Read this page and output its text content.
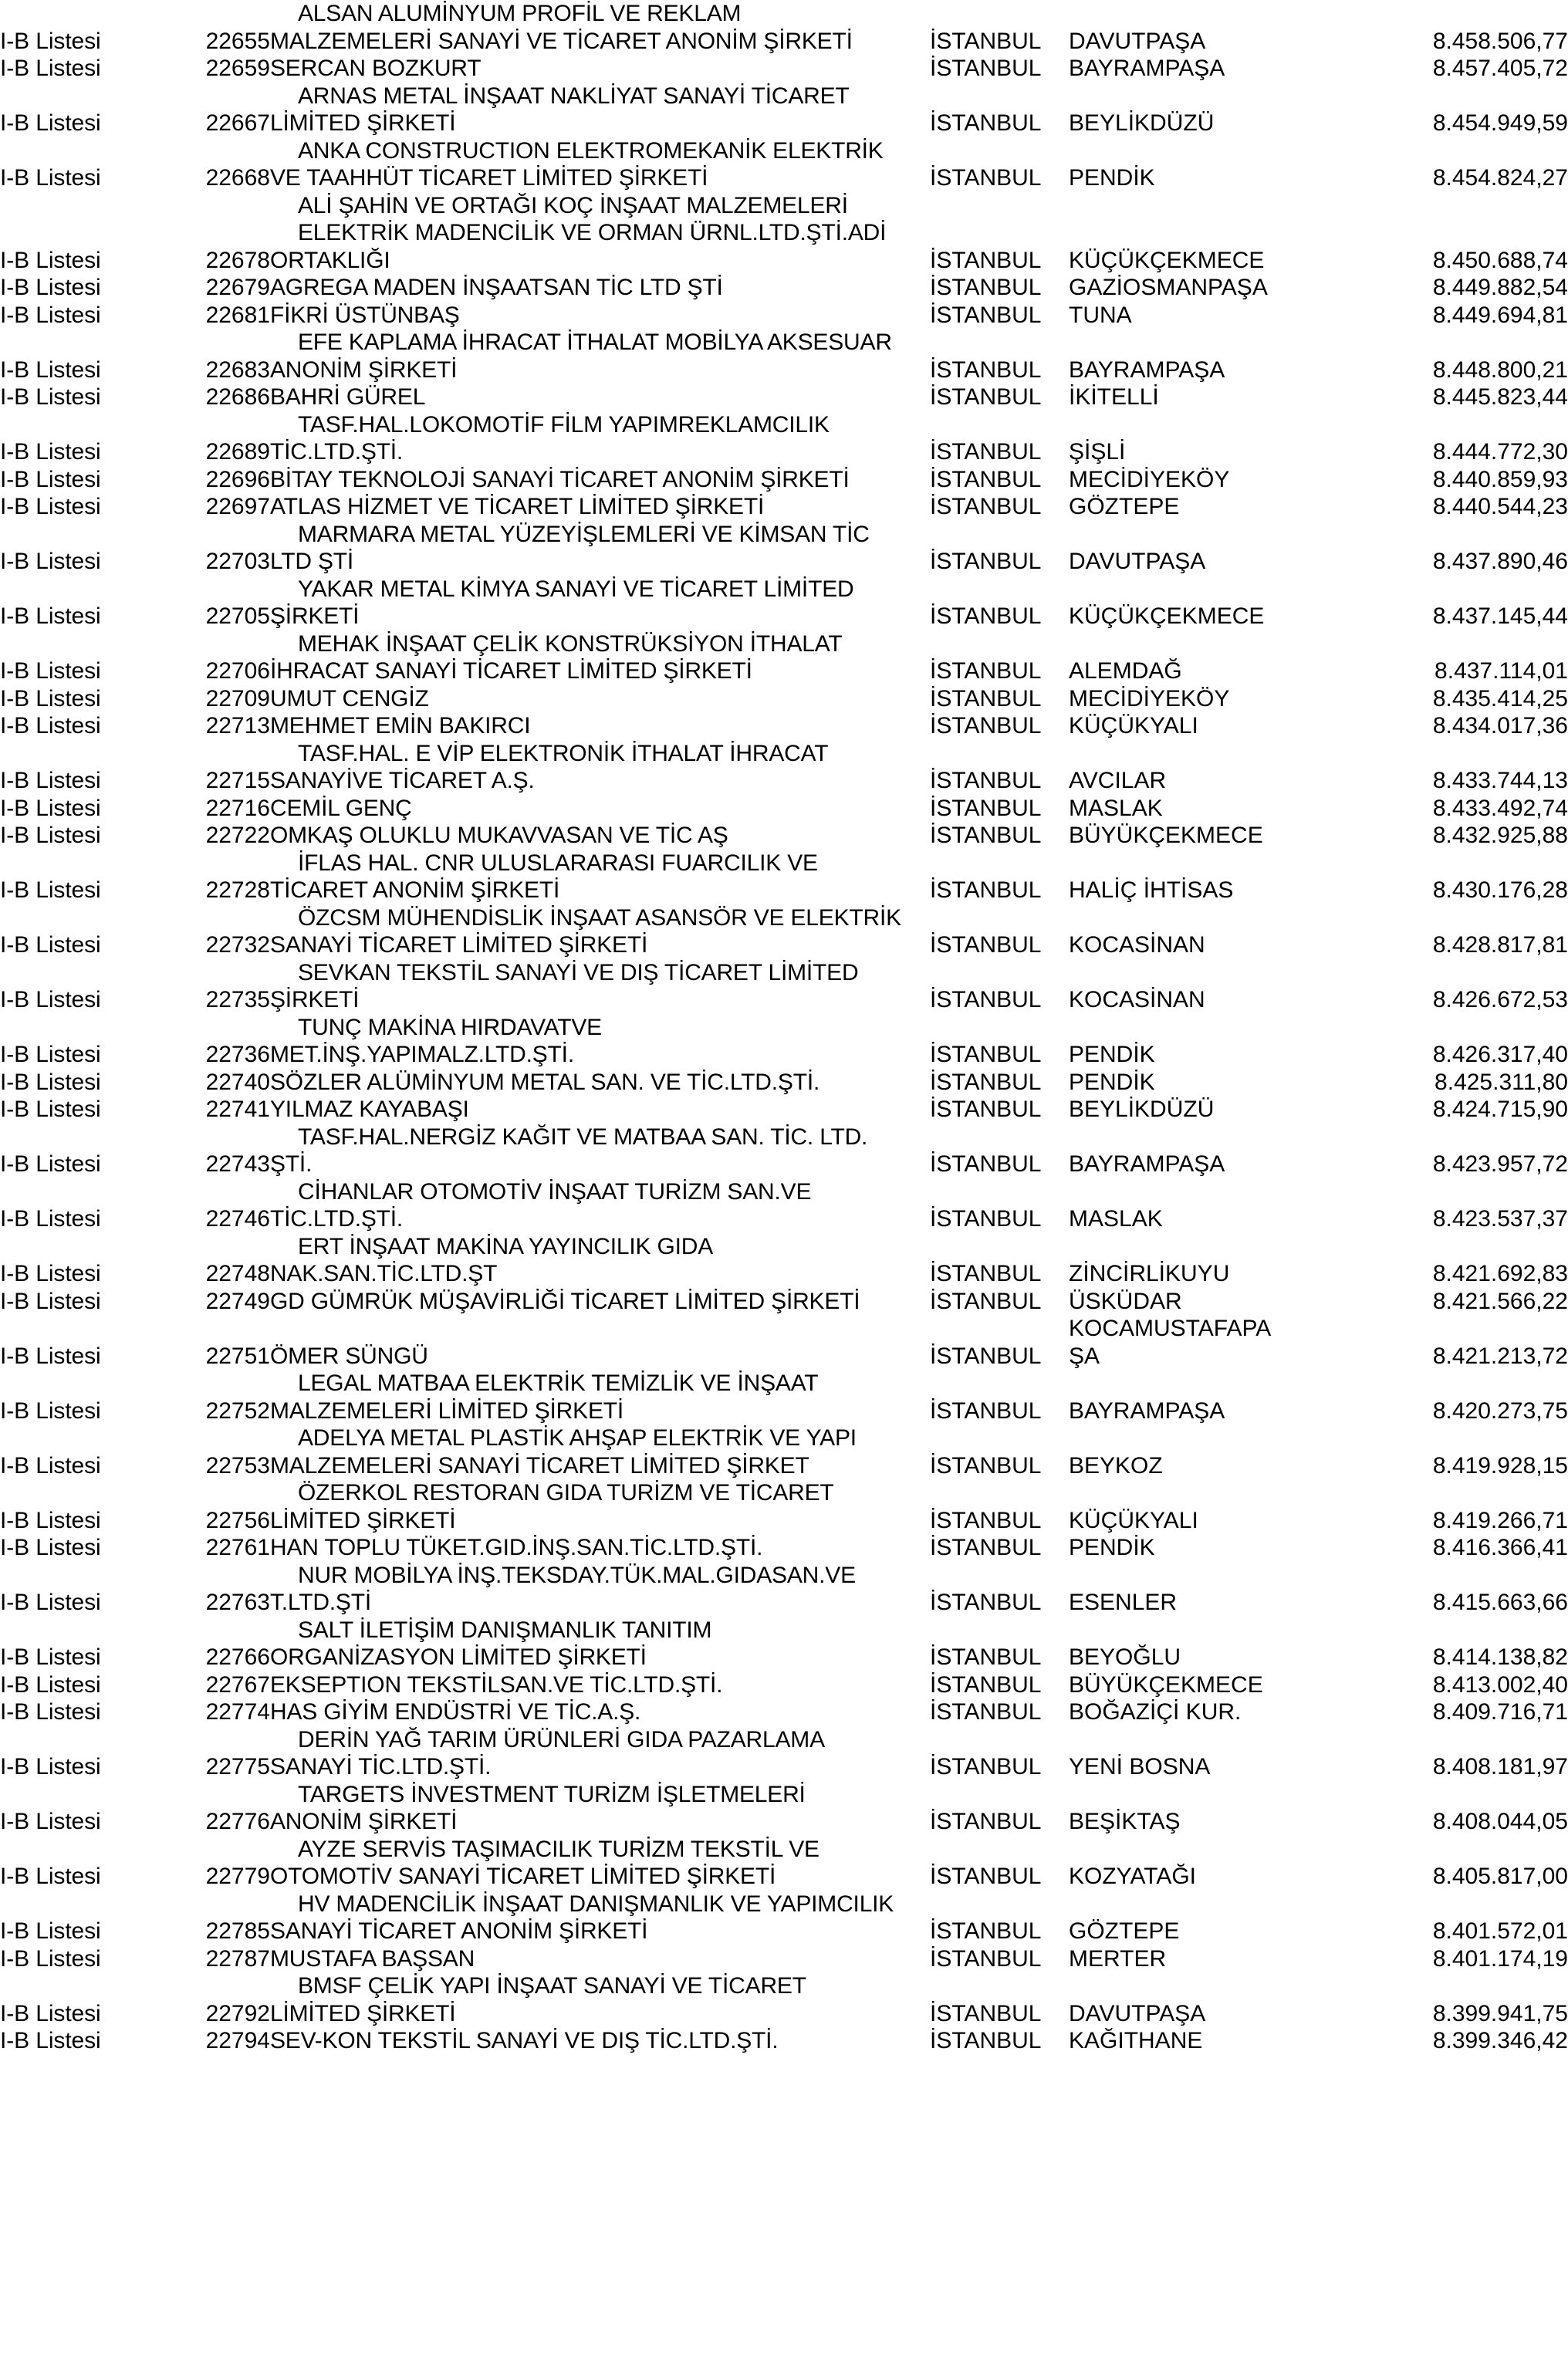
		ALSAN ALUMİNYUM PROFİL VE REKLAM			

I-B Listesi	22655	MALZEMELERİ SANAYİ VE TİCARET ANONİM ŞİRKETİ	İSTANBUL	DAVUTPAŞA	8.458.506,77
I-B Listesi	22659	SERCAN BOZKURT	İSTANBUL	BAYRAMPAŞA	8.457.405,72

		ARNAS METAL İNŞAAT NAKLİYAT SANAYİ TİCARET			

I-B Listesi	22667	LİMİTED ŞİRKETİ	İSTANBUL	BEYLİKDÜZÜ	8.454.949,59

		ANKA CONSTRUCTION ELEKTROMEKANİK ELEKTRİK			

I-B Listesi	22668	VE TAAHHÜT TİCARET LİMİTED ŞİRKETİ	İSTANBUL	PENDİK	8.454.824,27

		ALİ ŞAHİN VE ORTAĞI KOÇ İNŞAAT MALZEMELERİ			

		ELEKTRİK MADENCİLİK VE ORMAN ÜRNL.LTD.ŞTİ.ADİ			

I-B Listesi	22678	ORTAKLIĞI	İSTANBUL	KÜÇÜKÇEKMECE	8.450.688,74
I-B Listesi	22679	AGREGA MADEN İNŞAATSAN TİC LTD ŞTİ	İSTANBUL	GAZİOSMANPAŞA	8.449.882,54
I-B Listesi	22681	FİKRİ ÜSTÜNBAŞ	İSTANBUL	TUNA	8.449.694,81

		EFE KAPLAMA İHRACAT İTHALAT MOBİLYA AKSESUAR			

I-B Listesi	22683	ANONİM ŞİRKETİ	İSTANBUL	BAYRAMPAŞA	8.448.800,21
I-B Listesi	22686	BAHRİ GÜREL	İSTANBUL	İKİTELLİ	8.445.823,44

		TASF.HAL.LOKOMOTİF FİLM YAPIMREKLAMCILIK			

I-B Listesi	22689	TİC.LTD.ŞTİ.	İSTANBUL	ŞİŞLİ	8.444.772,30
I-B Listesi	22696	BİTAY TEKNOLOJİ SANAYİ TİCARET ANONİM ŞİRKETİ	İSTANBUL	MECİDİYEKÖY	8.440.859,93
I-B Listesi	22697	ATLAS HİZMET VE TİCARET LİMİTED ŞİRKETİ	İSTANBUL	GÖZTEPE	8.440.544,23

		MARMARA METAL YÜZEYİŞLEMLERİ VE KİMSAN TİC			

I-B Listesi	22703	LTD ŞTİ	İSTANBUL	DAVUTPAŞA	8.437.890,46

		YAKAR METAL KİMYA SANAYİ VE TİCARET LİMİTED			

I-B Listesi	22705	ŞİRKETİ	İSTANBUL	KÜÇÜKÇEKMECE	8.437.145,44

		MEHAK İNŞAAT ÇELİK KONSTRÜKSİYON İTHALAT			

I-B Listesi	22706	İHRACAT SANAYİ TİCARET LİMİTED ŞİRKETİ	İSTANBUL	ALEMDAĞ	8.437.114,01
I-B Listesi	22709	UMUT CENGİZ	İSTANBUL	MECİDİYEKÖY	8.435.414,25
I-B Listesi	22713	MEHMET EMİN BAKIRCI	İSTANBUL	KÜÇÜKYALI	8.434.017,36

		TASF.HAL. E VİP ELEKTRONİK İTHALAT İHRACAT			

I-B Listesi	22715	SANAYİVE TİCARET A.Ş.	İSTANBUL	AVCILAR	8.433.744,13
I-B Listesi	22716	CEMİL GENÇ	İSTANBUL	MASLAK	8.433.492,74
I-B Listesi	22722	OMKAŞ OLUKLU MUKAVVASAN VE TİC AŞ	İSTANBUL	BÜYÜKÇEKMECE	8.432.925,88

		İFLAS HAL. CNR ULUSLARARASI FUARCILIK VE			

I-B Listesi	22728	TİCARET ANONİM ŞİRKETİ	İSTANBUL	HALİÇ İHTİSAS	8.430.176,28

		ÖZCSM MÜHENDİSLİK İNŞAAT ASANSÖR VE ELEKTRİK			

I-B Listesi	22732	SANAYİ TİCARET LİMİTED ŞİRKETİ	İSTANBUL	KOCASİNAN	8.428.817,81

		SEVKAN TEKSTİL SANAYİ VE DIŞ TİCARET LİMİTED			

I-B Listesi	22735	ŞİRKETİ	İSTANBUL	KOCASİNAN	8.426.672,53

		TUNÇ MAKİNA HIRDAVATVE			

I-B Listesi	22736	MET.İNŞ.YAPIMALZ.LTD.ŞTİ.	İSTANBUL	PENDİK	8.426.317,40
I-B Listesi	22740	SÖZLER ALÜMİNYUM METAL SAN. VE TİC.LTD.ŞTİ.	İSTANBUL	PENDİK	8.425.311,80
I-B Listesi	22741	YILMAZ KAYABAŞI	İSTANBUL	BEYLİKDÜZÜ	8.424.715,90

		TASF.HAL.NERGİZ KAĞIT VE MATBAA SAN. TİC. LTD.			

I-B Listesi	22743	ŞTİ.	İSTANBUL	BAYRAMPAŞA	8.423.957,72

		CİHANLAR OTOMOTİV İNŞAAT TURİZM SAN.VE			

I-B Listesi	22746	TİC.LTD.ŞTİ.	İSTANBUL	MASLAK	8.423.537,37

		ERT İNŞAAT MAKİNA YAYINCILIK GIDA			

I-B Listesi	22748	NAK.SAN.TİC.LTD.ŞT	İSTANBUL	ZİNCİRLİKUYU	8.421.692,83
I-B Listesi	22749	GD GÜMRÜK MÜŞAVİRLİĞİ TİCARET LİMİTED ŞİRKETİ	İSTANBUL	ÜSKÜDAR	8.421.566,22
				KOCAMUSTAFAPA	
I-B Listesi	22751	ÖMER SÜNGÜ	İSTANBUL	ŞA	8.421.213,72

		LEGAL MATBAA ELEKTRİK TEMİZLİK VE İNŞAAT			

I-B Listesi	22752	MALZEMELERİ LİMİTED ŞİRKETİ	İSTANBUL	BAYRAMPAŞA	8.420.273,75

		ADELYA METAL PLASTİK AHŞAP ELEKTRİK VE YAPI			

I-B Listesi	22753	MALZEMELERİ SANAYİ TİCARET LİMİTED ŞİRKET	İSTANBUL	BEYKOZ	8.419.928,15

		ÖZERKOL RESTORAN GIDA TURİZM VE TİCARET			

I-B Listesi	22756	LİMİTED ŞİRKETİ	İSTANBUL	KÜÇÜKYALI	8.419.266,71
I-B Listesi	22761	HAN TOPLU TÜKET.GID.İNŞ.SAN.TİC.LTD.ŞTİ.	İSTANBUL	PENDİK	8.416.366,41

		NUR MOBİLYA İNŞ.TEKSDAY.TÜK.MAL.GIDASAN.VE			

I-B Listesi	22763	T.LTD.ŞTİ	İSTANBUL	ESENLER	8.415.663,66

		SALT İLETİŞİM DANIŞMANLIK TANITIM			

I-B Listesi	22766	ORGANİZASYON LİMİTED ŞİRKETİ	İSTANBUL	BEYOĞLU	8.414.138,82
I-B Listesi	22767	EKSEPTION TEKSTİLSAN.VE TİC.LTD.ŞTİ.	İSTANBUL	BÜYÜKÇEKMECE	8.413.002,40
I-B Listesi	22774	HAS GİYİM ENDÜSTRİ VE TİC.A.Ş.	İSTANBUL	BOĞAZİÇİ KUR.	8.409.716,71

		DERİN YAĞ TARIM ÜRÜNLERİ GIDA PAZARLAMA			

I-B Listesi	22775	SANAYİ TİC.LTD.ŞTİ.	İSTANBUL	YENİ BOSNA	8.408.181,97

		TARGETS İNVESTMENT TURİZM İŞLETMELERİ			

I-B Listesi	22776	ANONİM ŞİRKETİ	İSTANBUL	BEŞİKTAŞ	8.408.044,05

		AYZE SERVİS TAŞIMACILIK TURİZM TEKSTİL VE			

I-B Listesi	22779	OTOMOTİV SANAYİ TİCARET LİMİTED ŞİRKETİ	İSTANBUL	KOZYATAĞI	8.405.817,00

		HV MADENCİLİK İNŞAAT DANIŞMANLIK VE YAPIMCILIK			

I-B Listesi	22785	SANAYİ TİCARET ANONİM ŞİRKETİ	İSTANBUL	GÖZTEPE	8.401.572,01
I-B Listesi	22787	MUSTAFA BAŞSAN	İSTANBUL	MERTER	8.401.174,19

		BMSF ÇELİK YAPI İNŞAAT SANAYİ VE TİCARET			

I-B Listesi	22792	LİMİTED ŞİRKETİ	İSTANBUL	DAVUTPAŞA	8.399.941,75
I-B Listesi	22794	SEV-KON TEKSTİL SANAYİ VE DIŞ TİC.LTD.ŞTİ.	İSTANBUL	KAĞITHANE	8.399.346,42
